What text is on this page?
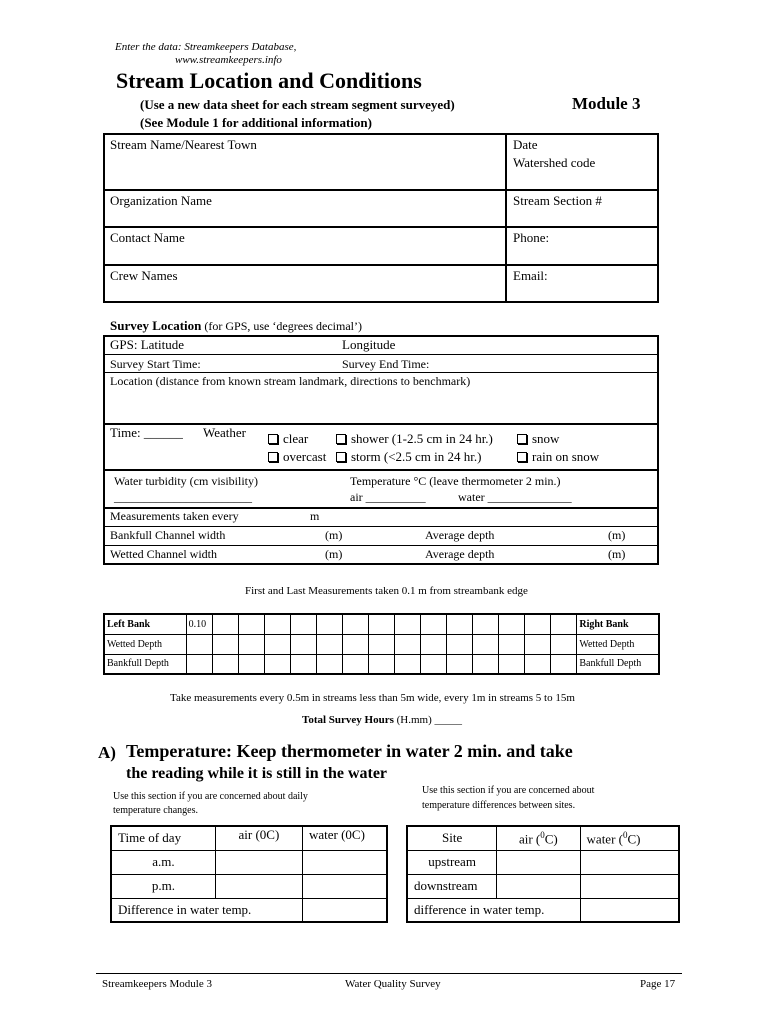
Enter the data: Streamkeepers Database,
www.streamkeepers.info
Stream Location and Conditions
(Use a new data sheet for each stream segment surveyed)	Module 3
(See Module 1 for additional information)
Stream Name/Nearest Town	Date
Watershed code
Organization Name	Stream Section #
Contact Name	Phone:
Crew Names	Email:
Survey Location (for GPS, use ‘degrees decimal’)
GPS: Latitude	Longitude
Survey Start Time:	Survey End Time:
Location (distance from known stream landmark, directions to benchmark)
Time: ______ Weather	clear
overcast
shower (1-2.5 cm in 24 hr.)
storm (<2.5 cm in 24 hr.)
snow
rain on snow
Water turbidity (cm visibility)
_______________________
Temperature °C (leave thermometer 2 min.)
air __________	water ______________
Measurements taken every	m
Bankfull Channel width	(m)	Average depth	(m)
Wetted Channel width	(m)	Average depth	(m)
First and Last Measurements taken 0.1 m from streambank edge
Left Bank	0.10															Right Bank
Wetted Depth																Wetted Depth
Bankfull Depth																Bankfull Depth
Take measurements every 0.5m in streams less than 5m wide, every 1m in streams 5 to 15m
Total Survey Hours (H.mm) _____
A) Temperature: Keep thermometer in water 2 min. and take
the reading while it is still in the water
Use this section if you are concerned about daily
temperature changes.
Use this section if you are concerned about
temperature differences between sites.
Time of day	air (0C)	water (0C)
a.m.		
p.m.		
Difference in water temp.		
Site	air ($^0$C)	water ($^0$C)
upstream		
downstream		
difference in water temp.		
Streamkeepers Module 3	Water Quality Survey	Page 17
